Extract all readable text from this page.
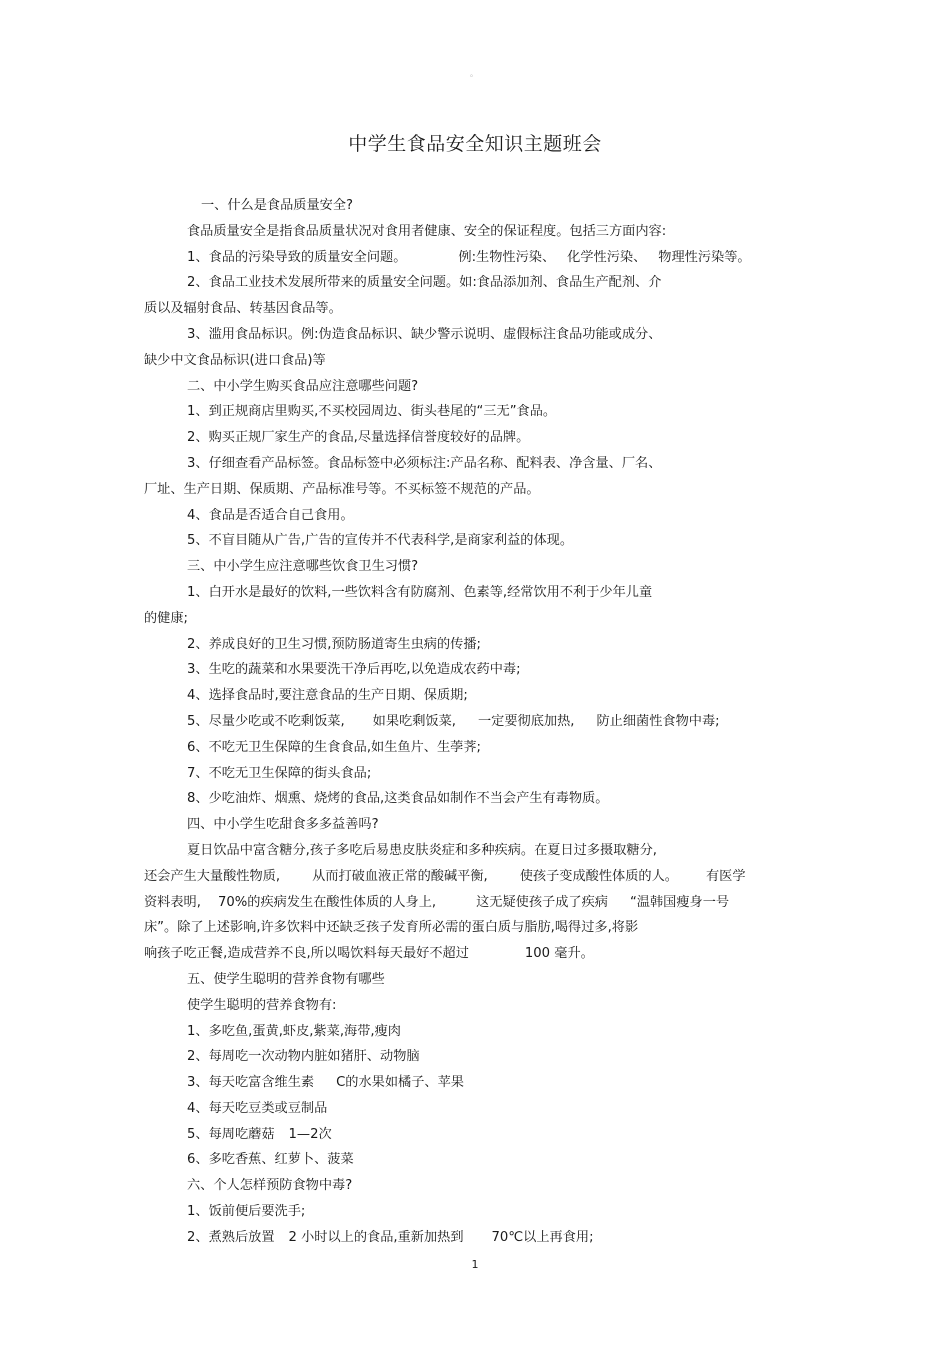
。
中学生食品安全知识主题班会
一、什么是食品质量安全?
食品质量安全是指食品质量状况对食用者健康、安全的保证程度。包括三方面内容:
1、食品的污染导致的质量安全问题。	例:生物性污染、 化学性污染、 物理性污染等。
2、食品工业技术发展所带来的质量安全问题。如:食品添加剂、食品生产配剂、介
质以及辐射食品、转基因食品等。
3、滥用食品标识。例:伪造食品标识、缺少警示说明、虚假标注食品功能或成分、
缺少中文食品标识(进口食品)等
二、中小学生购买食品应注意哪些问题?
1、到正规商店里购买,不买校园周边、街头巷尾的“三无”食品。
2、购买正规厂家生产的食品,尽量选择信誉度较好的品牌。
3、仔细查看产品标签。食品标签中必须标注:产品名称、配料表、净含量、厂名、
厂址、生产日期、保质期、产品标准号等。不买标签不规范的产品。
4、食品是否适合自己食用。
5、不盲目随从广告,广告的宣传并不代表科学,是商家利益的体现。
三、中小学生应注意哪些饮食卫生习惯?
1、白开水是最好的饮料,一些饮料含有防腐剂、色素等,经常饮用不利于少年儿童
的健康;
2、养成良好的卫生习惯,预防肠道寄生虫病的传播;
3、生吃的蔬菜和水果要洗干净后再吃,以免造成农药中毒;
4、选择食品时,要注意食品的生产日期、保质期;
5、尽量少吃或不吃剩饭菜, 如果吃剩饭菜, 一定要彻底加热, 防止细菌性食物中毒;
6、不吃无卫生保障的生食食品,如生鱼片、生荸荠;
7、不吃无卫生保障的街头食品;
8、少吃油炸、烟熏、烧烤的食品,这类食品如制作不当会产生有毒物质。
四、中小学生吃甜食多多益善吗?
夏日饮品中富含糖分,孩子多吃后易患皮肤炎症和多种疾病。在夏日过多摄取糖分,
还会产生大量酸性物质, 从而打破血液正常的酸碱平衡, 使孩子变成酸性体质的人。 有医学
资料表明, 70%的疾病发生在酸性体质的人身上,	这无疑使孩子成了疾病 “温韩国瘦身一号
床”。除了上述影响,许多饮料中还缺乏孩子发育所必需的蛋白质与脂肪,喝得过多,将影
响孩子吃正餐,造成营养不良,所以喝饮料每天最好不超过	100 毫升。
五、使学生聪明的营养食物有哪些
使学生聪明的营养食物有:
1、多吃鱼,蛋黄,虾皮,紫菜,海带,瘦肉
2、每周吃一次动物内脏如猪肝、动物脑
3、每天吃富含维生素 C的水果如橘子、苹果
4、每天吃豆类或豆制品
5、每周吃蘑菇 1—2次
6、多吃香蕉、红萝卜、菠菜
六、个人怎样预防食物中毒?
1、饭前便后要洗手;
2、煮熟后放置 2 小时以上的食品,重新加热到 70℃以上再食用;
1
